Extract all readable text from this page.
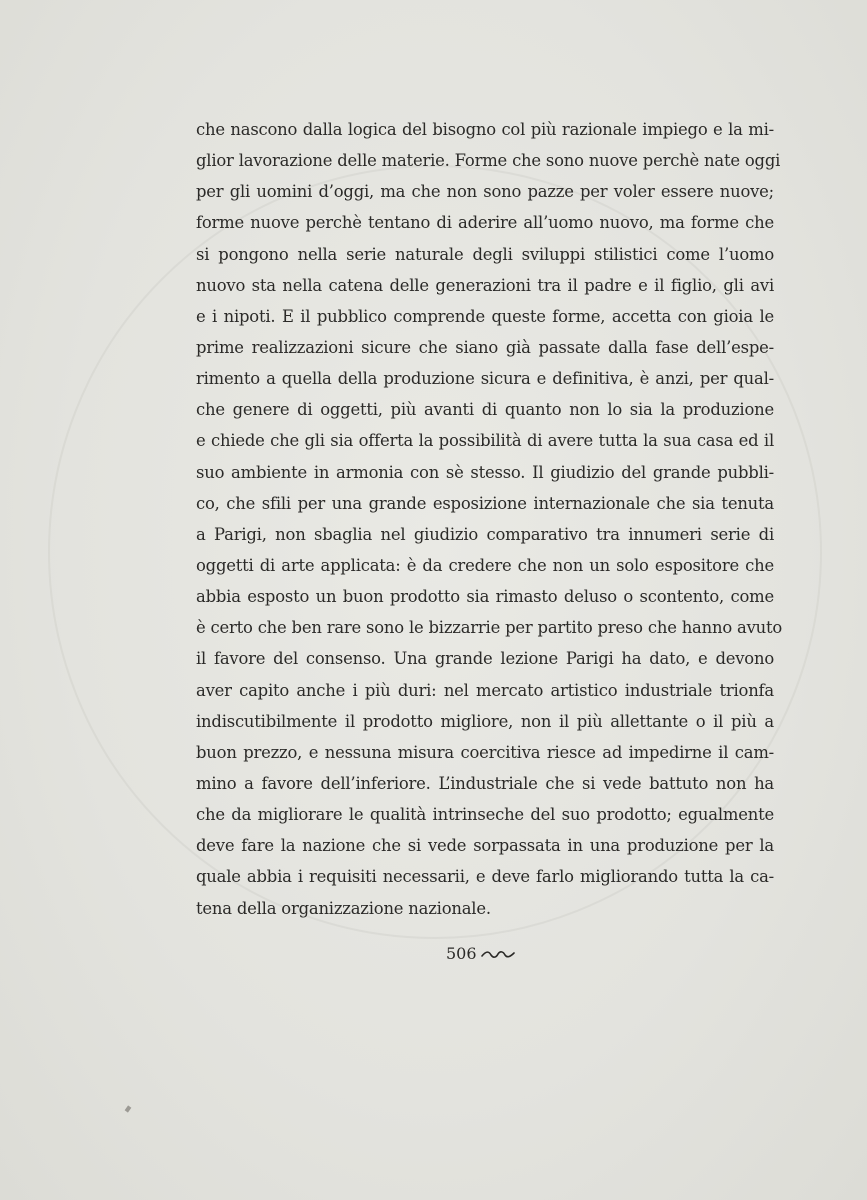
che nascono dalla logica del bisogno col più razionale impiego e la mi-
glior lavorazione delle materie. Forme che sono nuove perchè nate oggi
per gli uomini d’oggi, ma che non sono pazze per voler essere nuove;
forme nuove perchè tentano di aderire all’uomo nuovo, ma forme che
si pongono nella serie naturale degli sviluppi stilistici come l’uomo
nuovo sta nella catena delle generazioni tra il padre e il figlio, gli avi
e i nipoti. E il pubblico comprende queste forme, accetta con gioia le
prime realizzazioni sicure che siano già passate dalla fase dell’espe-
rimento a quella della produzione sicura e definitiva, è anzi, per qual-
che genere di oggetti, più avanti di quanto non lo sia la produzione
e chiede che gli sia offerta la possibilità di avere tutta la sua casa ed il
suo ambiente in armonia con sè stesso. Il giudizio del grande pubbli-
co, che sfili per una grande esposizione internazionale che sia tenuta
a Parigi, non sbaglia nel giudizio comparativo tra innumeri serie di
oggetti di arte applicata: è da credere che non un solo espositore che
abbia esposto un buon prodotto sia rimasto deluso o scontento, come
è certo che ben rare sono le bizzarrie per partito preso che hanno avuto
il favore del consenso. Una grande lezione Parigi ha dato, e devono
aver capito anche i più duri: nel mercato artistico industriale trionfa
indiscutibilmente il prodotto migliore, non il più allettante o il più a
buon prezzo, e nessuna misura coercitiva riesce ad impedirne il cam-
mino a favore dell’inferiore. L’industriale che si vede battuto non ha
che da migliorare le qualità intrinseche del suo prodotto; egualmente
deve fare la nazione che si vede sorpassata in una produzione per la
quale abbia i requisiti necessarii, e deve farlo migliorando tutta la ca-
tena della organizzazione nazionale.
506
